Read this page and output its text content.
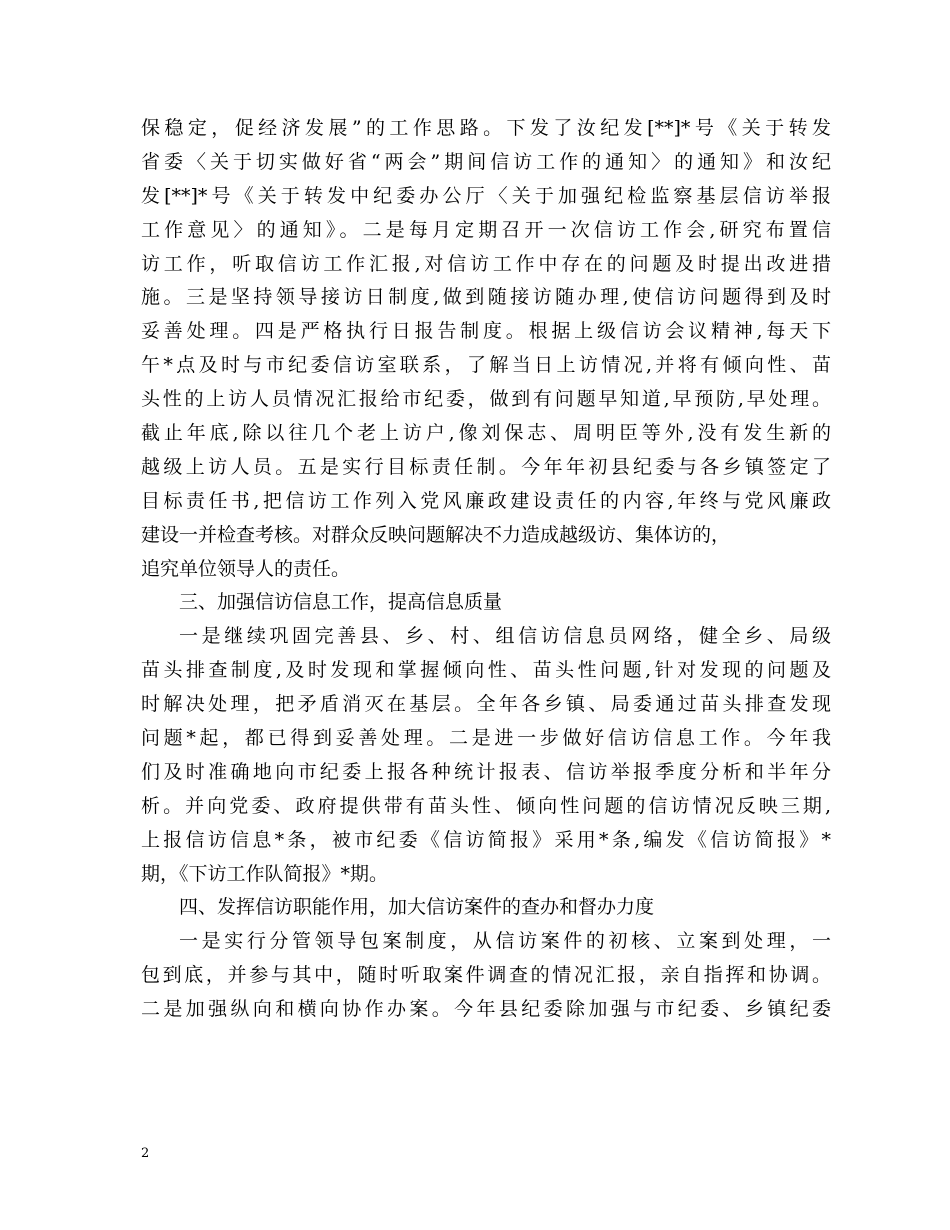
保稳定，促经济发展”的工作思路。下发了汝纪发[**]*号《关于转发
省委〈关于切实做好省“两会”期间信访工作的通知〉的通知》和汝纪
发[**]*号《关于转发中纪委办公厅〈关于加强纪检监察基层信访举报
工作意见〉的通知》。二是每月定期召开一次信访工作会,研究布置信
访工作，听取信访工作汇报,对信访工作中存在的问题及时提出改进措
施。三是坚持领导接访日制度,做到随接访随办理,使信访问题得到及时
妥善处理。四是严格执行日报告制度。根据上级信访会议精神,每天下
午*点及时与市纪委信访室联系，了解当日上访情况,并将有倾向性、苗
头性的上访人员情况汇报给市纪委，做到有问题早知道,早预防,早处理。
截止年底,除以往几个老上访户,像刘保志、周明臣等外,没有发生新的
越级上访人员。五是实行目标责任制。今年年初县纪委与各乡镇签定了
目标责任书,把信访工作列入党风廉政建设责任的内容,年终与党风廉政
建设一并检查考核。对群众反映问题解决不力造成越级访、集体访的，
追究单位领导人的责任。
三、加强信访信息工作，提高信息质量
一是继续巩固完善县、乡、村、组信访信息员网络，健全乡、局级
苗头排查制度,及时发现和掌握倾向性、苗头性问题,针对发现的问题及
时解决处理，把矛盾消灭在基层。全年各乡镇、局委通过苗头排查发现
问题*起，都已得到妥善处理。二是进一步做好信访信息工作。今年我
们及时准确地向市纪委上报各种统计报表、信访举报季度分析和半年分
析。并向党委、政府提供带有苗头性、倾向性问题的信访情况反映三期,
上报信访信息*条，被市纪委《信访简报》采用*条,编发《信访简报》*
期，《下访工作队简报》*期。
四、发挥信访职能作用，加大信访案件的查办和督办力度
一是实行分管领导包案制度，从信访案件的初核、立案到处理，一
包到底，并参与其中，随时听取案件调查的情况汇报，亲自指挥和协调。
二是加强纵向和横向协作办案。今年县纪委除加强与市纪委、乡镇纪委
2
